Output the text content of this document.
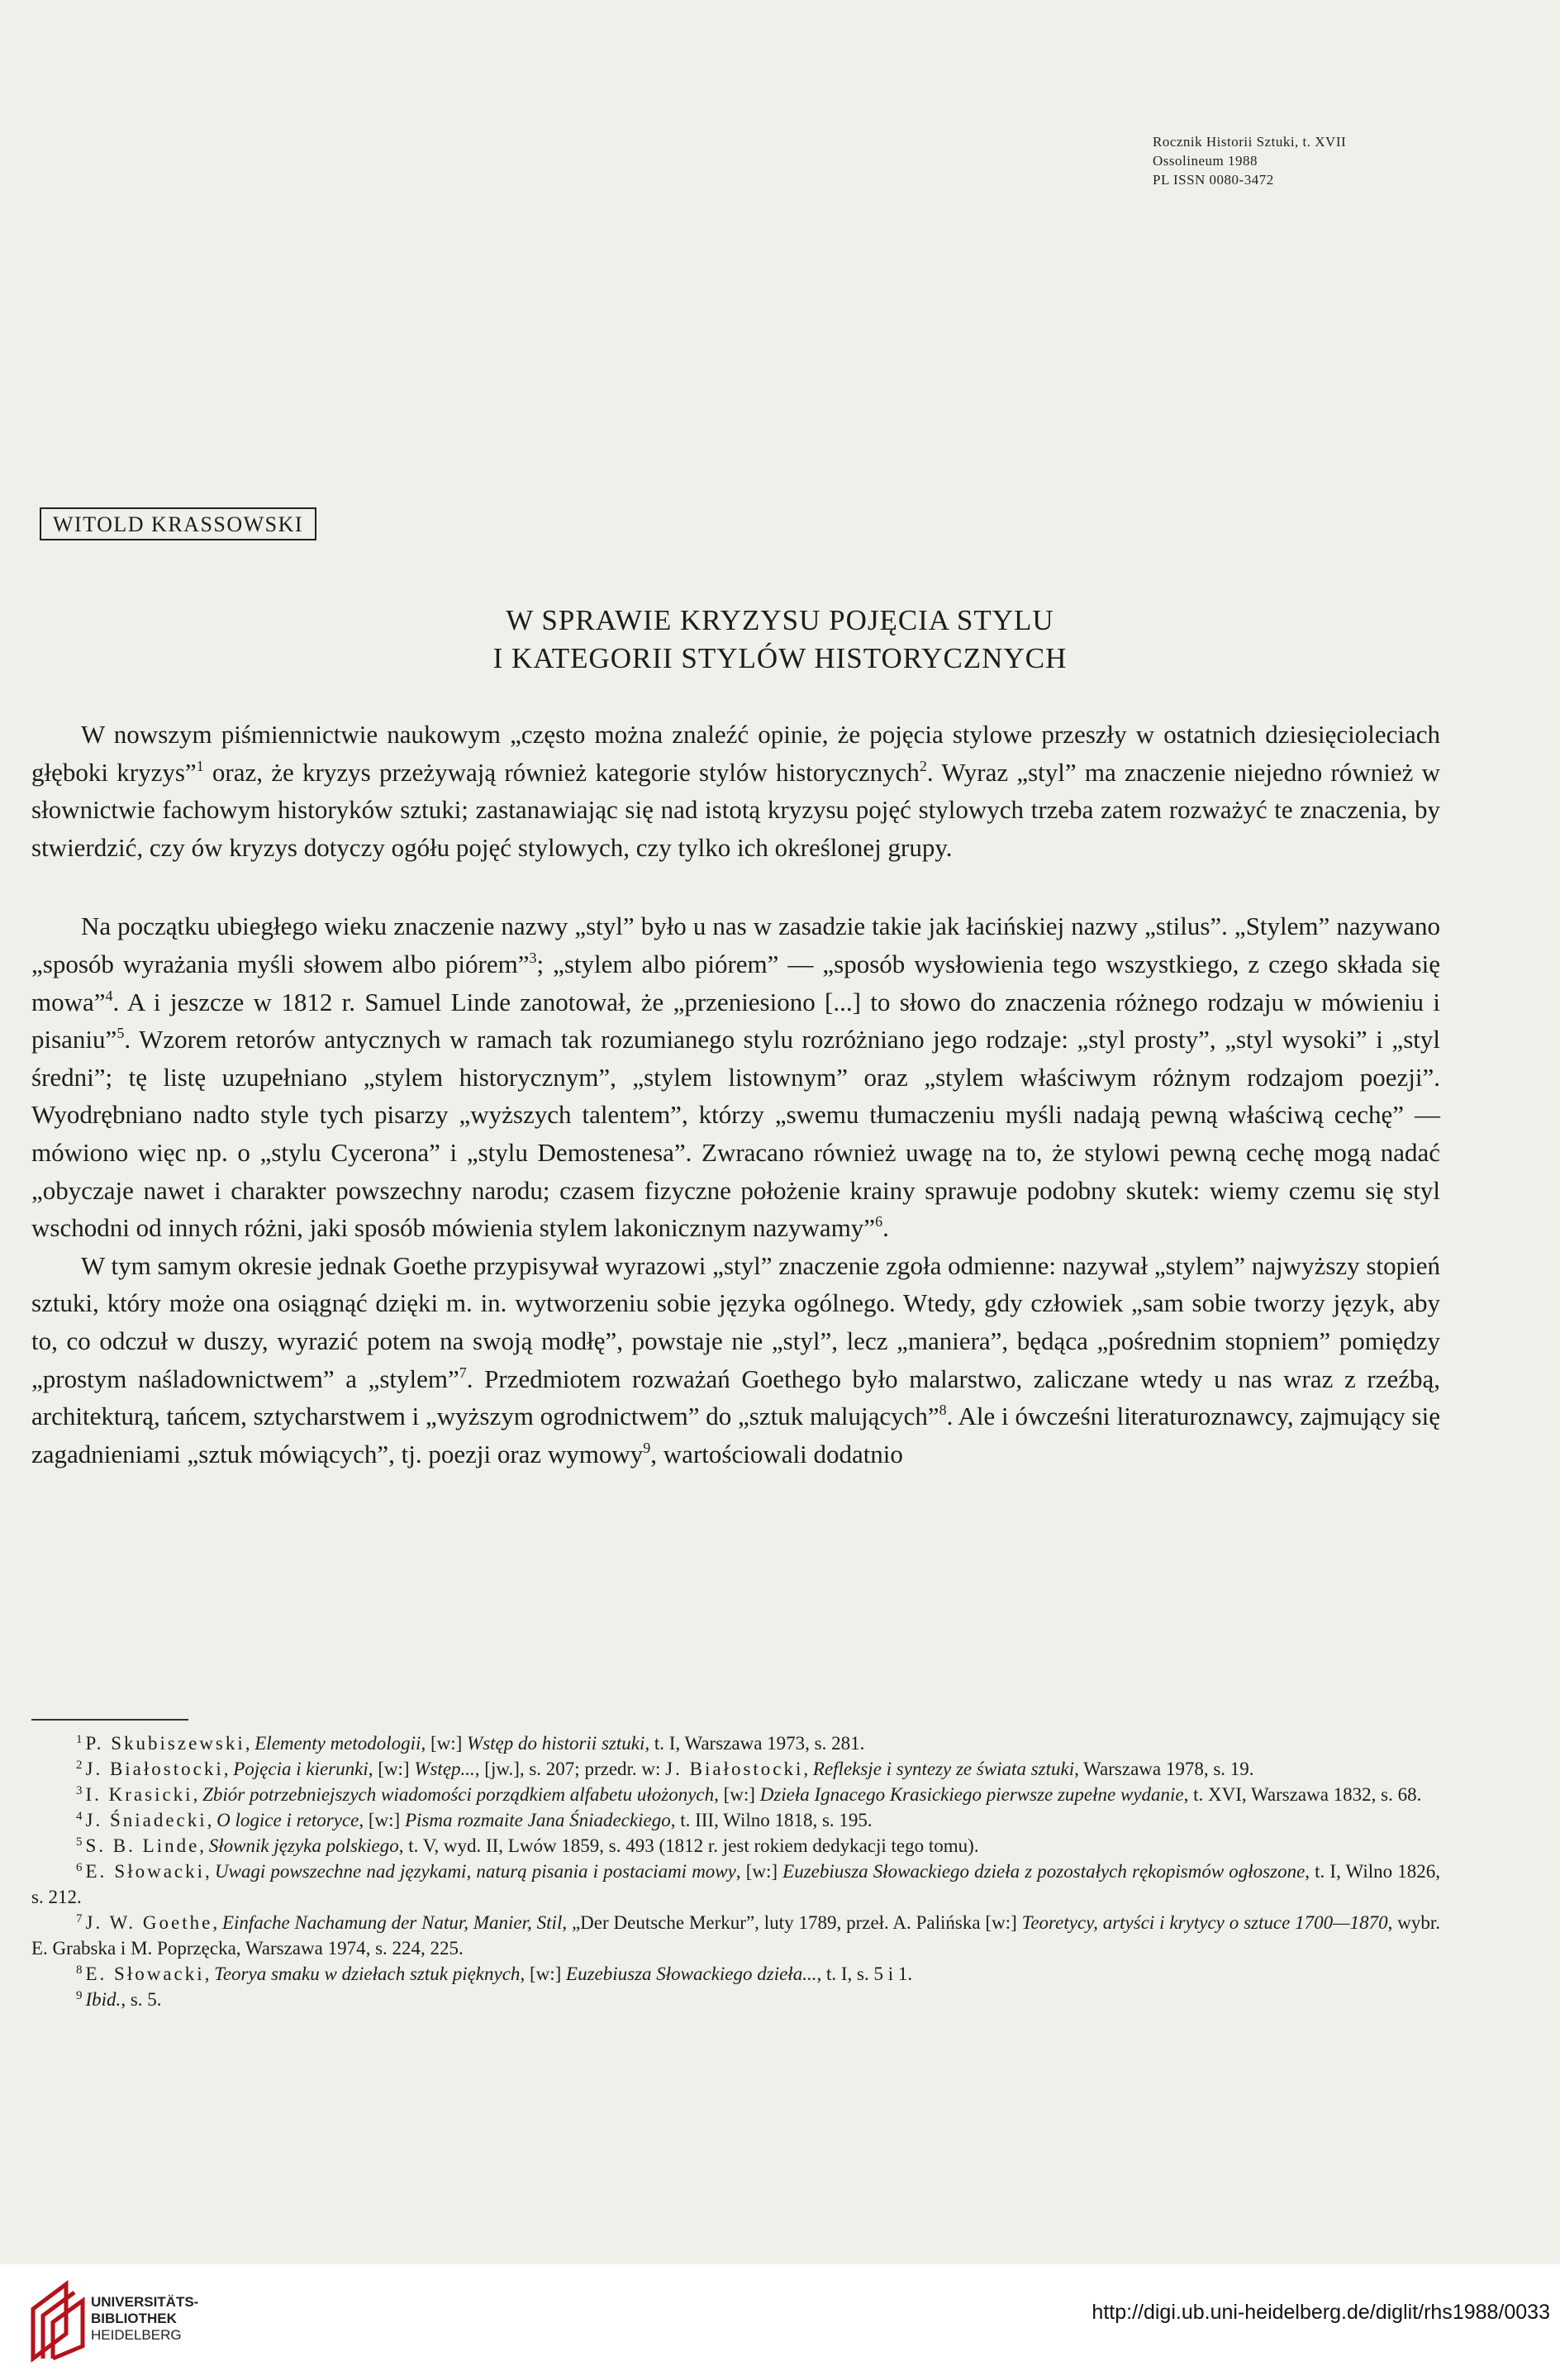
Rocznik Historii Sztuki, t. XVII
Ossolineum 1988
PL ISSN 0080-3472
WITOLD KRASSOWSKI
W SPRAWIE KRYZYSU POJĘCIA STYLU
I KATEGORII STYLÓW HISTORYCZNYCH

W nowszym piśmiennictwie naukowym „często można znaleźć opinie, że pojęcia stylowe przeszły w ostatnich dziesięcioleciach głęboki kryzys”$^1$ oraz, że kryzys przeżywają również kategorie stylów historycznych$^2$. Wyraz „styl” ma znaczenie niejedno również w słownictwie fachowym historyków sztuki; zastanawiając się nad istotą kryzysu pojęć stylowych trzeba zatem rozważyć te znaczenia, by stwierdzić, czy ów kryzys dotyczy ogółu pojęć stylowych, czy tylko ich określonej grupy.

Na początku ubiegłego wieku znaczenie nazwy „styl” było u nas w zasadzie takie jak łacińskiej nazwy „stilus”. „Stylem” nazywano „sposób wyrażania myśli słowem albo piórem”$^3$; „stylem albo piórem” — „sposób wysłowienia tego wszystkiego, z czego składa się mowa”$^4$. A i jeszcze w 1812 r. Samuel Linde zanotował, że „przeniesiono [...] to słowo do znaczenia różnego rodzaju w mówieniu i pisaniu”$^5$. Wzorem retorów antycznych w ramach tak rozumianego stylu rozróżniano jego rodzaje: „styl prosty”, „styl wysoki” i „styl średni”; tę listę uzupełniano „stylem historycznym”, „stylem listownym” oraz „stylem właściwym różnym rodzajom poezji”. Wyodrębniano nadto style tych pisarzy „wyższych talentem”, którzy „swemu tłumaczeniu myśli nadają pewną właściwą cechę” — mówiono więc np. o „stylu Cycerona” i „stylu Demostenesa”. Zwracano również uwagę na to, że stylowi pewną cechę mogą nadać „obyczaje nawet i charakter powszechny narodu; czasem fizyczne położenie krainy sprawuje podobny skutek: wiemy czemu się styl wschodni od innych różni, jaki sposób mówienia stylem lakonicznym nazywamy”$^6$.

W tym samym okresie jednak Goethe przypisywał wyrazowi „styl” znaczenie zgoła odmienne: nazywał „stylem” najwyższy stopień sztuki, który może ona osiągnąć dzięki m. in. wytworzeniu sobie języka ogólnego. Wtedy, gdy człowiek „sam sobie tworzy język, aby to, co odczuł w duszy, wyrazić potem na swoją modłę”, powstaje nie „styl”, lecz „maniera”, będąca „pośrednim stopniem” pomiędzy „prostym naśladownictwem” a „stylem”$^7$. Przedmiotem rozważań Goethego było malarstwo, zaliczane wtedy u nas wraz z rzeźbą, architekturą, tańcem, sztycharstwem i „wyższym ogrodnictwem” do „sztuk malujących”$^8$. Ale i ówcześni literaturoznawcy, zajmujący się zagadnieniami „sztuk mówiących”, tj. poezji oraz wymowy$^9$, wartościowali dodatnio

$^1$ P. Skubiszewski, Elementy metodologii, [w:] Wstęp do historii sztuki, t. I, Warszawa 1973, s. 281.

$^2$ J. Białostocki, Pojęcia i kierunki, [w:] Wstęp..., [jw.], s. 207; przedr. w: J. Białostocki, Refleksje i syntezy ze świata sztuki, Warszawa 1978, s. 19.

$^3$ I. Krasicki, Zbiór potrzebniejszych wiadomości porządkiem alfabetu ułożonych, [w:] Dzieła Ignacego Krasickiego pierwsze zupełne wydanie, t. XVI, Warszawa 1832, s. 68.

$^4$ J. Śniadecki, O logice i retoryce, [w:] Pisma rozmaite Jana Śniadeckiego, t. III, Wilno 1818, s. 195.

$^5$ S. B. Linde, Słownik języka polskiego, t. V, wyd. II, Lwów 1859, s. 493 (1812 r. jest rokiem dedykacji tego tomu).

$^6$ E. Słowacki, Uwagi powszechne nad językami, naturą pisania i postaciami mowy, [w:] Euzebiusza Słowackiego dzieła z pozostałych rękopismów ogłoszone, t. I, Wilno 1826, s. 212.

$^7$ J. W. Goethe, Einfache Nachamung der Natur, Manier, Stil, „Der Deutsche Merkur”, luty 1789, przeł. A. Palińska [w:] Teoretycy, artyści i krytycy o sztuce 1700—1870, wybr. E. Grabska i M. Poprzęcka, Warszawa 1974, s. 224, 225.

$^8$ E. Słowacki, Teorya smaku w dziełach sztuk pięknych, [w:] Euzebiusza Słowackiego dzieła..., t. I, s. 5 i 1.

$^9$ Ibid., s. 5.

UNIVERSITÄTS-
BIBLIOTHEK
HEIDELBERG
http://digi.ub.uni-heidelberg.de/diglit/rhs1988/0033
